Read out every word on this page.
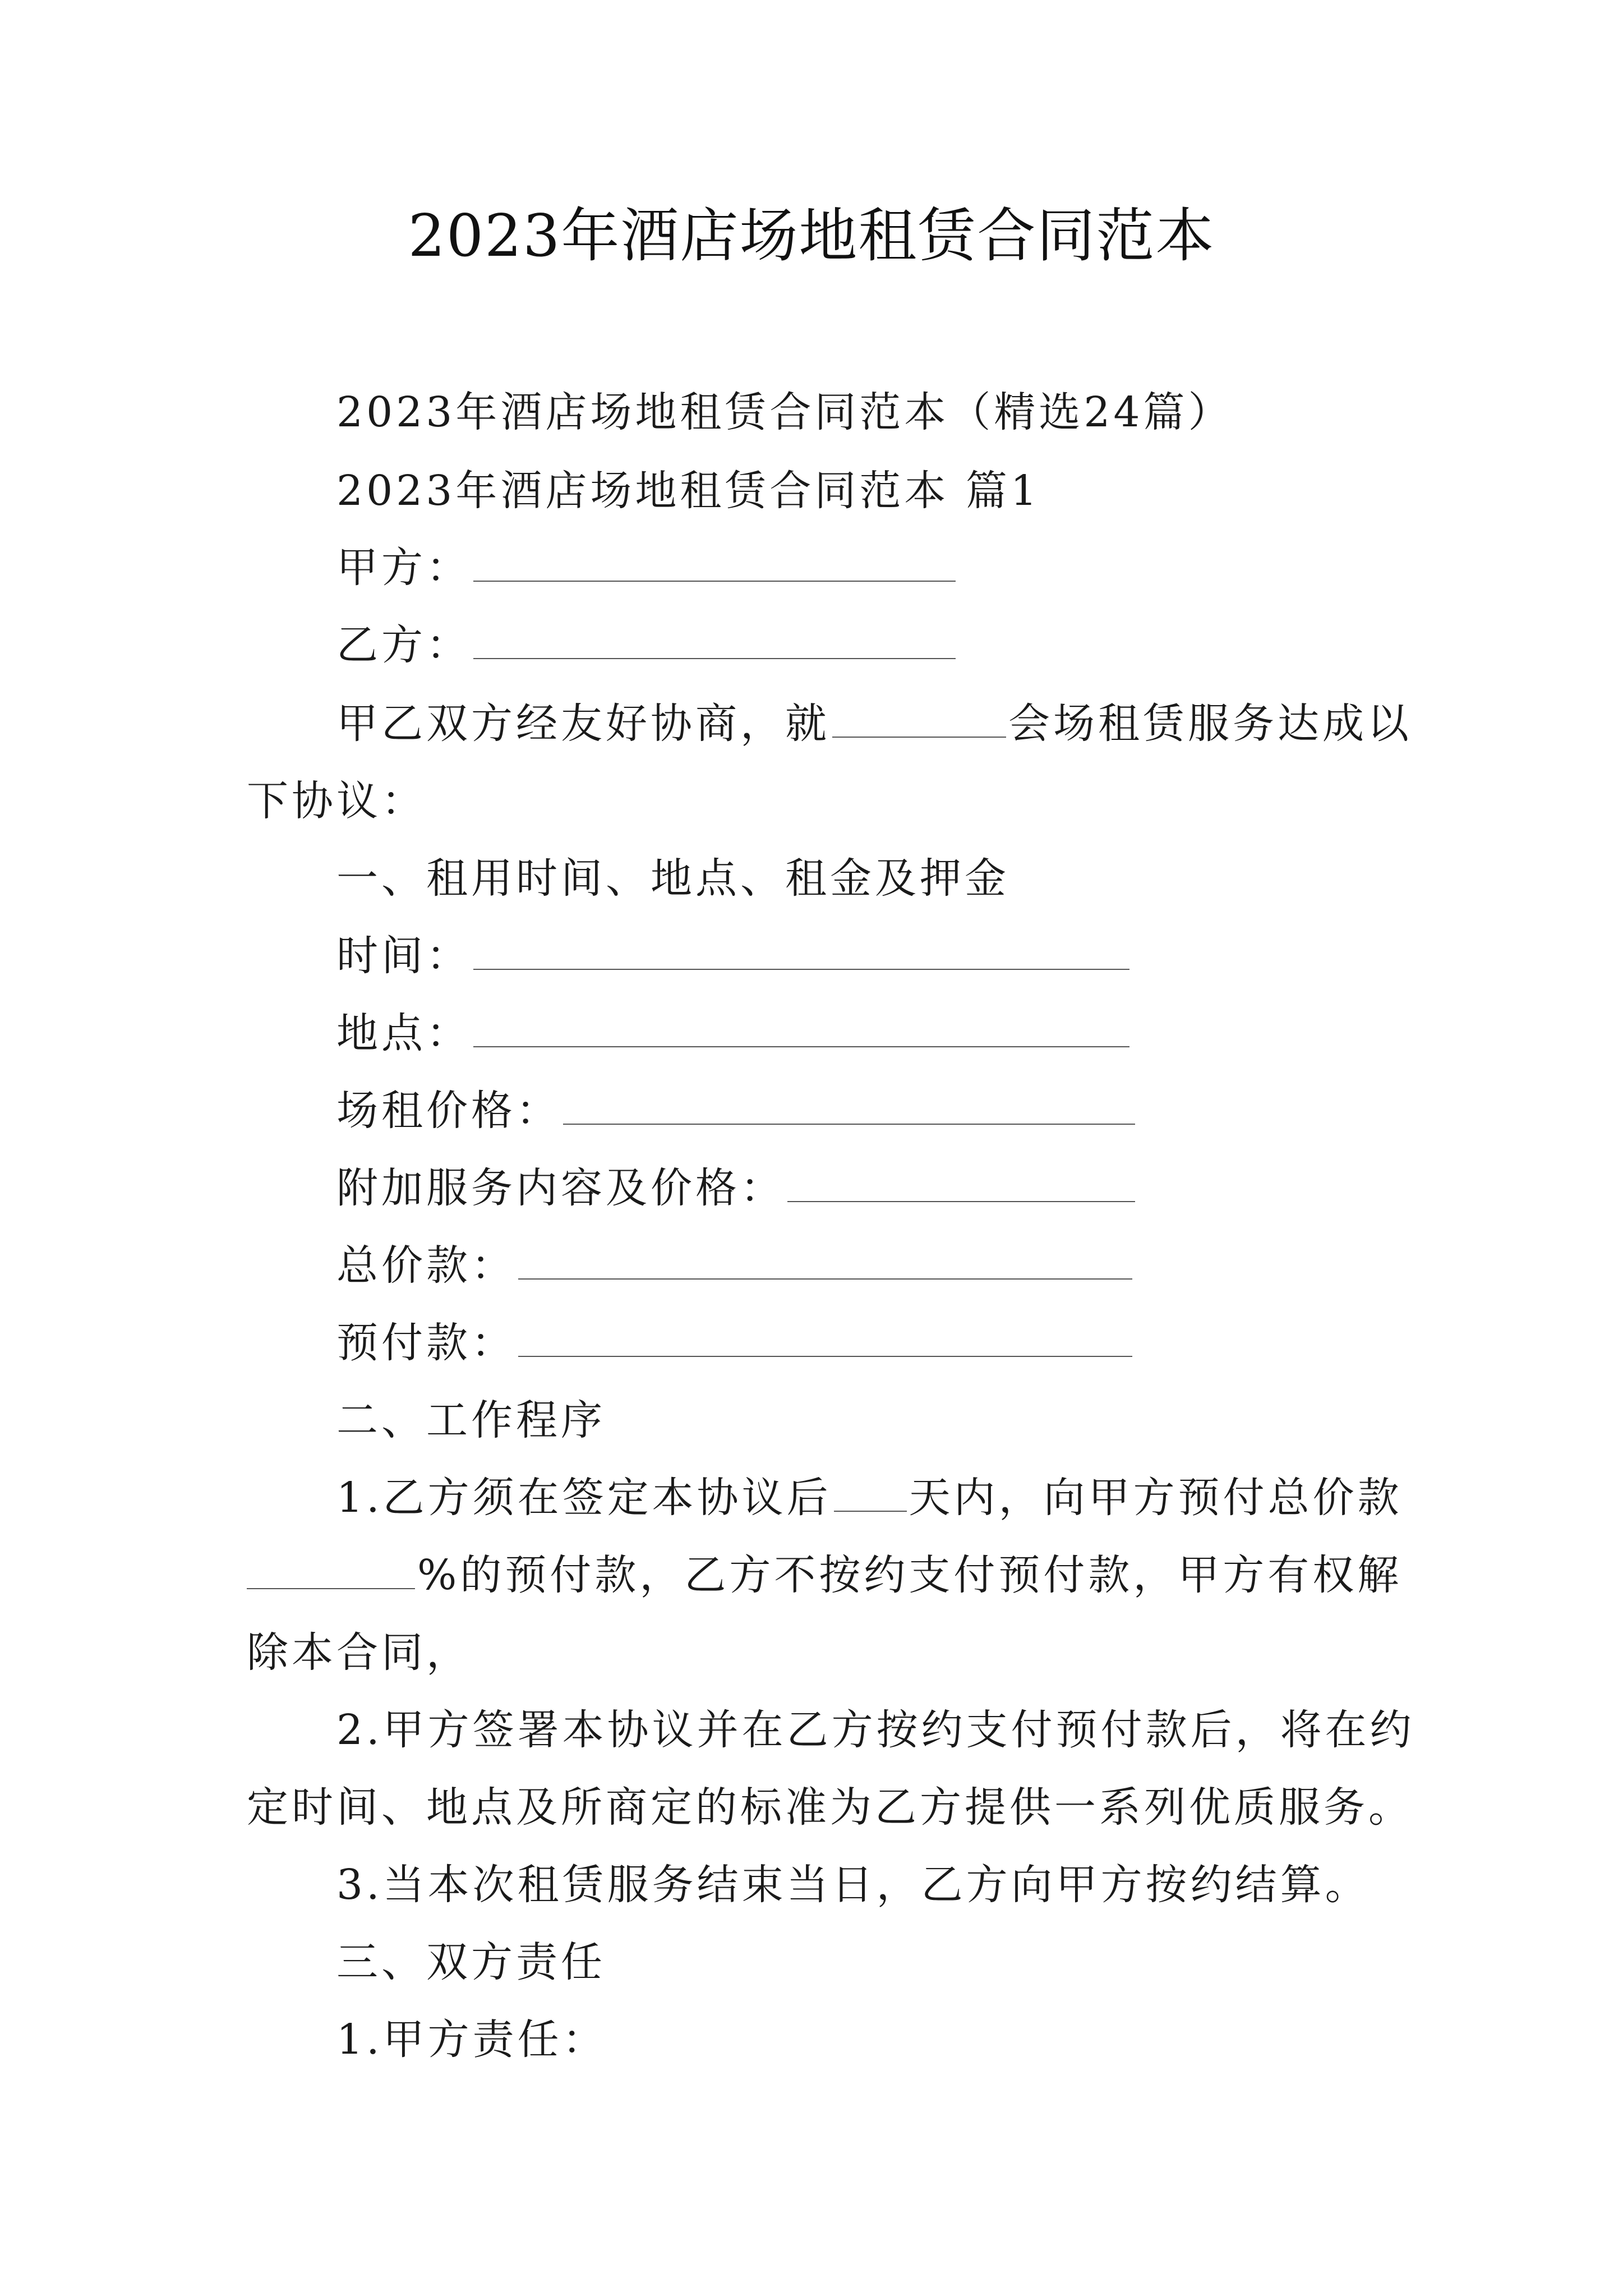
2023年酒店场地租赁合同范本
2023年酒店场地租赁合同范本（精选24篇）
2023年酒店场地租赁合同范本 篇1
甲方：
乙方：
甲乙双方经友好协商，就	会场租赁服务达成以
下协议：
一、租用时间、地点、租金及押金
时间：
地点：
场租价格：
附加服务内容及价格：
总价款：
预付款：
二、工作程序
1.乙方须在签定本协议后 天内，向甲方预付总价款
%的预付款，乙方不按约支付预付款，甲方有权解
除本合同，
2.甲方签署本协议并在乙方按约支付预付款后，将在约
定时间、地点及所商定的标准为乙方提供一系列优质服务。
3.当本次租赁服务结束当日，乙方向甲方按约结算。
三、双方责任
1.甲方责任：
